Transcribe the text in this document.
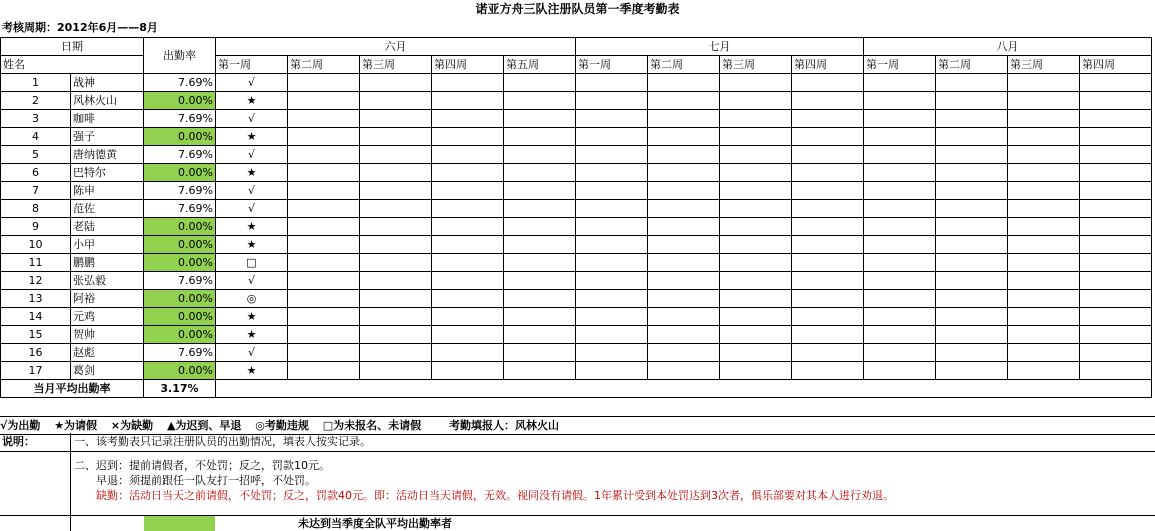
诺亚方舟三队注册队员第一季度考勤表
考核周期：2012年6月——8月
日期		出勤率	六月					七月				八月			
姓名			第一周	第二周	第三周	第四周	第五周	第一周	第二周	第三周	第四周	第一周	第二周	第三周	第四周
1	战神	7.69%	√												
2	风林火山	0.00%	★												
3	咖啡	7.69%	√												
4	强子	0.00%	★												
5	唐纳德黄	7.69%	√												
6	巴特尔	0.00%	★												
7	陈申	7.69%	√												
8	范佐	7.69%	√												
9	老陆	0.00%	★												
10	小甲	0.00%	★												
11	鹏鹏	0.00%	□												
12	张弘毅	7.69%	√												
13	阿裕	0.00%	◎												
14	元鸡	0.00%	★												
15	贺帅	0.00%	★												
16	赵彪	7.69%	√												
17	葛剑	0.00%	★												
当月平均出勤率		3.17%													
√为出勤 ★为请假 ×为缺勤 ▲为迟到、早退 ◎考勤违规 □为未报名、未请假	考勤填报人：风林火山
说明：	一、该考勤表只记录注册队员的出勤情况，填表人按实记录。
二、迟到：提前请假者，不处罚；反之，罚款10元。
早退：须提前跟任一队友打一招呼，不处罚。
缺勤：活动日当天之前请假，不处罚；反之，罚款40元。即：活动日当天请假，无效。视同没有请假。1年累计受到本处罚达到3次者，俱乐部要对其本人进行劝退。
未达到当季度全队平均出勤率者
